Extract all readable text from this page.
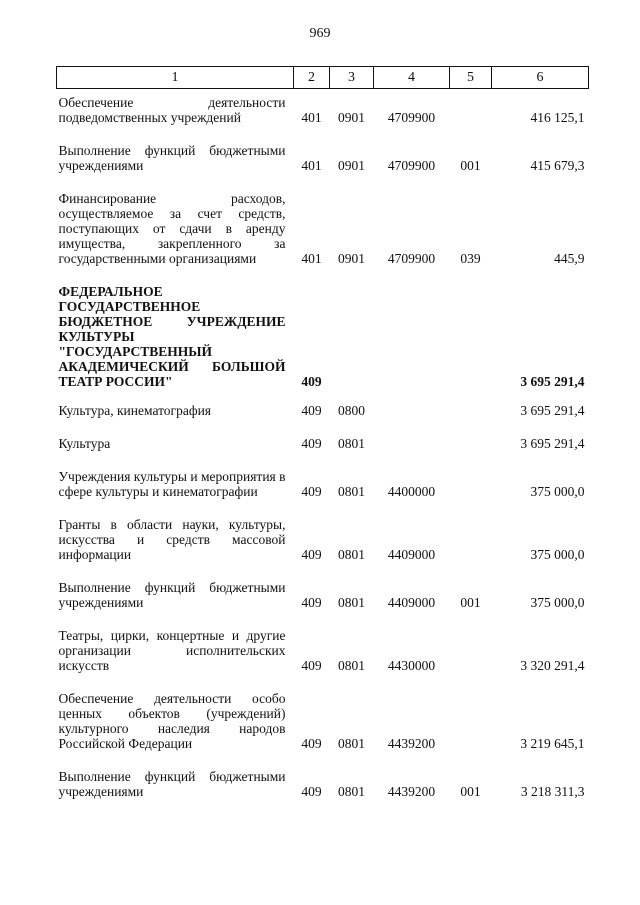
969
1	2	3	4	5	6

Обеспечение деятельности подведомственных учреждений	401	0901	4709900		416 125,1

Выполнение функций бюджетными учреждениями	401	0901	4709900	001	415 679,3

Финансирование расходов, осуществляемое за счет средств, поступающих от сдачи в аренду имущества, закрепленного за государственными организациями	401	0901	4709900	039	445,9

ФЕДЕРАЛЬНОЕ ГОСУДАРСТВЕННОЕ БЮДЖЕТНОЕ УЧРЕЖДЕНИЕ КУЛЬТУРЫ "ГОСУДАРСТВЕННЫЙ АКАДЕМИЧЕСКИЙ БОЛЬШОЙ ТЕАТР РОССИИ"	409				3 695 291,4

Культура, кинематография	409	0800			3 695 291,4

Культура	409	0801			3 695 291,4

Учреждения культуры и мероприятия в сфере культуры и кинематографии	409	0801	4400000		375 000,0

Гранты в области науки, культуры, искусства и средств массовой информации	409	0801	4409000		375 000,0

Выполнение функций бюджетными учреждениями	409	0801	4409000	001	375 000,0

Театры, цирки, концертные и другие организации исполнительских искусств	409	0801	4430000		3 320 291,4

Обеспечение деятельности особо ценных объектов (учреждений) культурного наследия народов Российской Федерации	409	0801	4439200		3 219 645,1

Выполнение функций бюджетными учреждениями	409	0801	4439200	001	3 218 311,3
